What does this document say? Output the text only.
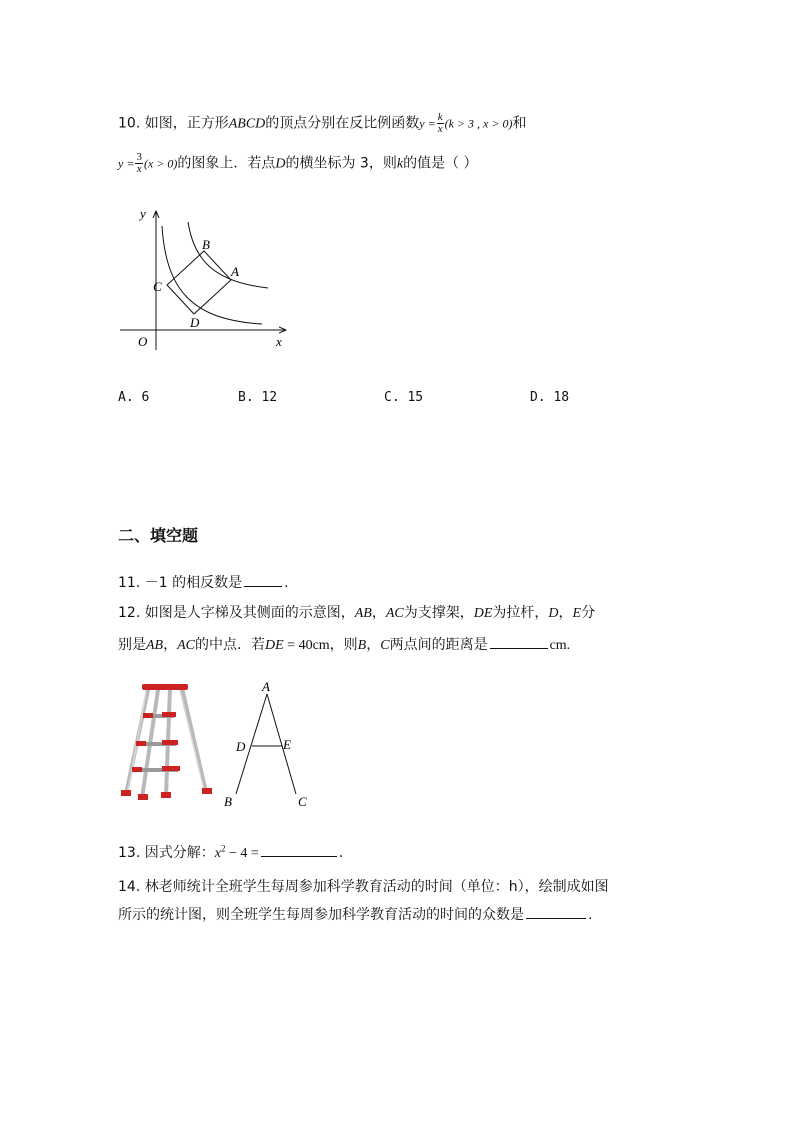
10. 如图，正方形ABCD的顶点分别在反比例函数$y = \frac{k}{x} (k > 3$ , x > 0)和
$y = \frac{3}{x} (x > 0)$的图象上．若点D的横坐标为 3，则k的值是（ ）
y
x
O
B
A
C
D
A. 6	B. 12	C. 15	D. 18
二、填空题
11. －1 的相反数是	.
12. 如图是人字梯及其侧面的示意图，AB，AC为支撑架，DE为拉杆，D，E分
别是AB，AC的中点．若DE = 40cm，则B，C两点间的距离是	cm.
A
D	E
B	C
13. 因式分解：$x^2 - 4$ =	.
14. 林老师统计全班学生每周参加科学教育活动的时间（单位：h），绘制成如图
所示的统计图，则全班学生每周参加科学教育活动的时间的众数是	.
